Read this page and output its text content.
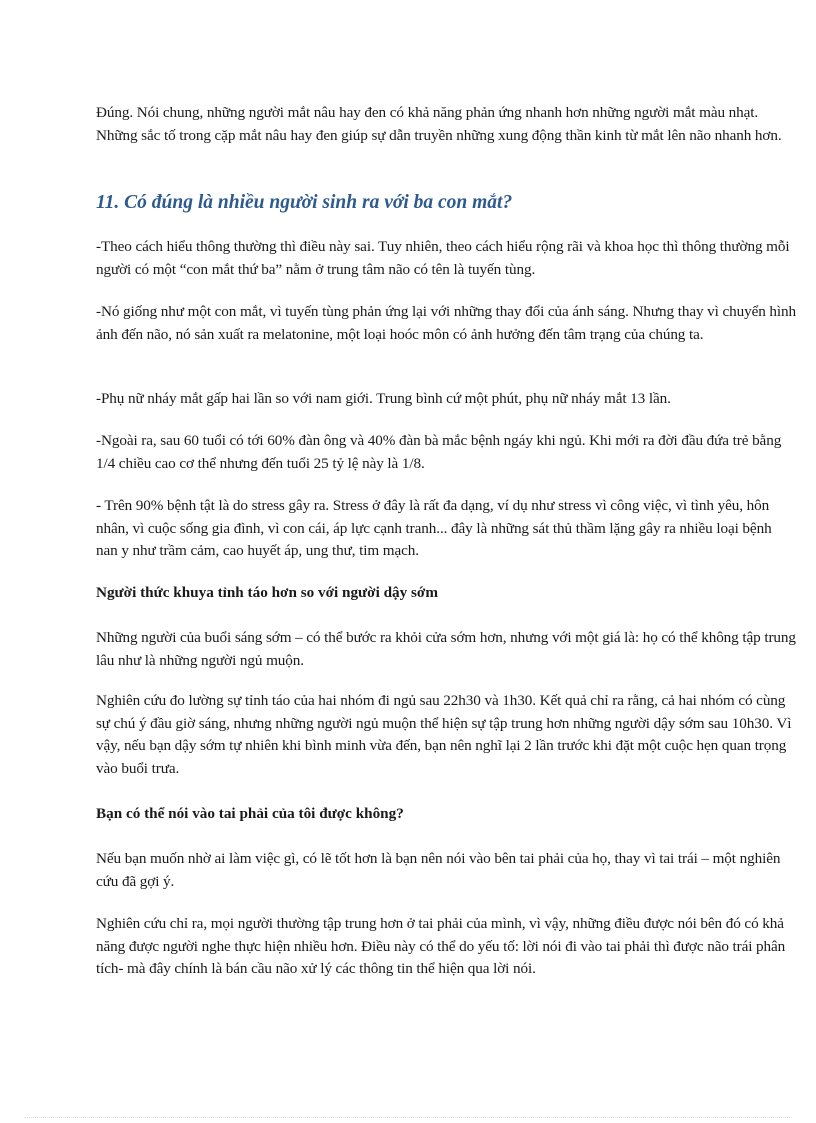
Đúng. Nói chung, những người mắt nâu hay đen có khả năng phản ứng nhanh hơn những người mắt màu nhạt. Những sắc tố trong cặp mắt nâu hay đen giúp sự dẫn truyền những xung động thần kinh từ mắt lên não nhanh hơn.

11. Có đúng là nhiều người sinh ra với ba con mắt?

-Theo cách hiểu thông thường thì điều này sai. Tuy nhiên, theo cách hiểu rộng rãi và khoa học thì thông thường mỗi người có một “con mắt thứ ba” nằm ở trung tâm não có tên là tuyến tùng.

-Nó giống như một con mắt, vì tuyến tùng phản ứng lại với những thay đổi của ánh sáng. Nhưng thay vì chuyển hình ảnh đến não, nó sản xuất ra melatonine, một loại hoóc môn có ảnh hưởng đến tâm trạng của chúng ta.

-Phụ nữ nháy mắt gấp hai lần so với nam giới. Trung bình cứ một phút, phụ nữ nháy mắt 13 lần.

-Ngoài ra, sau 60 tuổi có tới 60% đàn ông và 40% đàn bà mắc bệnh ngáy khi ngủ. Khi mới ra đời đầu đứa trẻ bằng 1/4 chiều cao cơ thể nhưng đến tuổi 25 tỷ lệ này là 1/8.

- Trên 90% bệnh tật là do stress gây ra. Stress ở đây là rất đa dạng, ví dụ như stress vì công việc, vì tình yêu, hôn nhân, vì cuộc sống gia đình, vì con cái, áp lực cạnh tranh... đây là những sát thủ thầm lặng gây ra nhiều loại bệnh nan y như trầm cảm, cao huyết áp, ung thư, tim mạch.

Người thức khuya tỉnh táo hơn so với người dậy sớm

Những người của buổi sáng sớm – có thể bước ra khỏi cửa sớm hơn, nhưng với một giá là: họ có thể không tập trung lâu như là những người ngủ muộn.

Nghiên cứu đo lường sự tỉnh táo của hai nhóm đi ngủ sau 22h30 và 1h30. Kết quả chỉ ra rằng, cả hai nhóm có cùng sự chú ý đầu giờ sáng, nhưng những người ngủ muộn thể hiện sự tập trung hơn những người dậy sớm sau 10h30. Vì vậy, nếu bạn dậy sớm tự nhiên khi bình minh vừa đến, bạn nên nghĩ lại 2 lần trước khi đặt một cuộc hẹn quan trọng vào buổi trưa.

Bạn có thể nói vào tai phải của tôi được không?

Nếu bạn muốn nhờ ai làm việc gì, có lẽ tốt hơn là bạn nên nói vào bên tai phải của họ, thay vì tai trái – một nghiên cứu đã gợi ý.

Nghiên cứu chỉ ra, mọi người thường tập trung hơn ở tai phải của mình, vì vậy, những điều được nói bên đó có khả năng được người nghe thực hiện nhiều hơn. Điều này có thể do yếu tố: lời nói đi vào tai phải thì được não trái phân tích- mà đây chính là bán cầu não xử lý các thông tin thể hiện qua lời nói.
